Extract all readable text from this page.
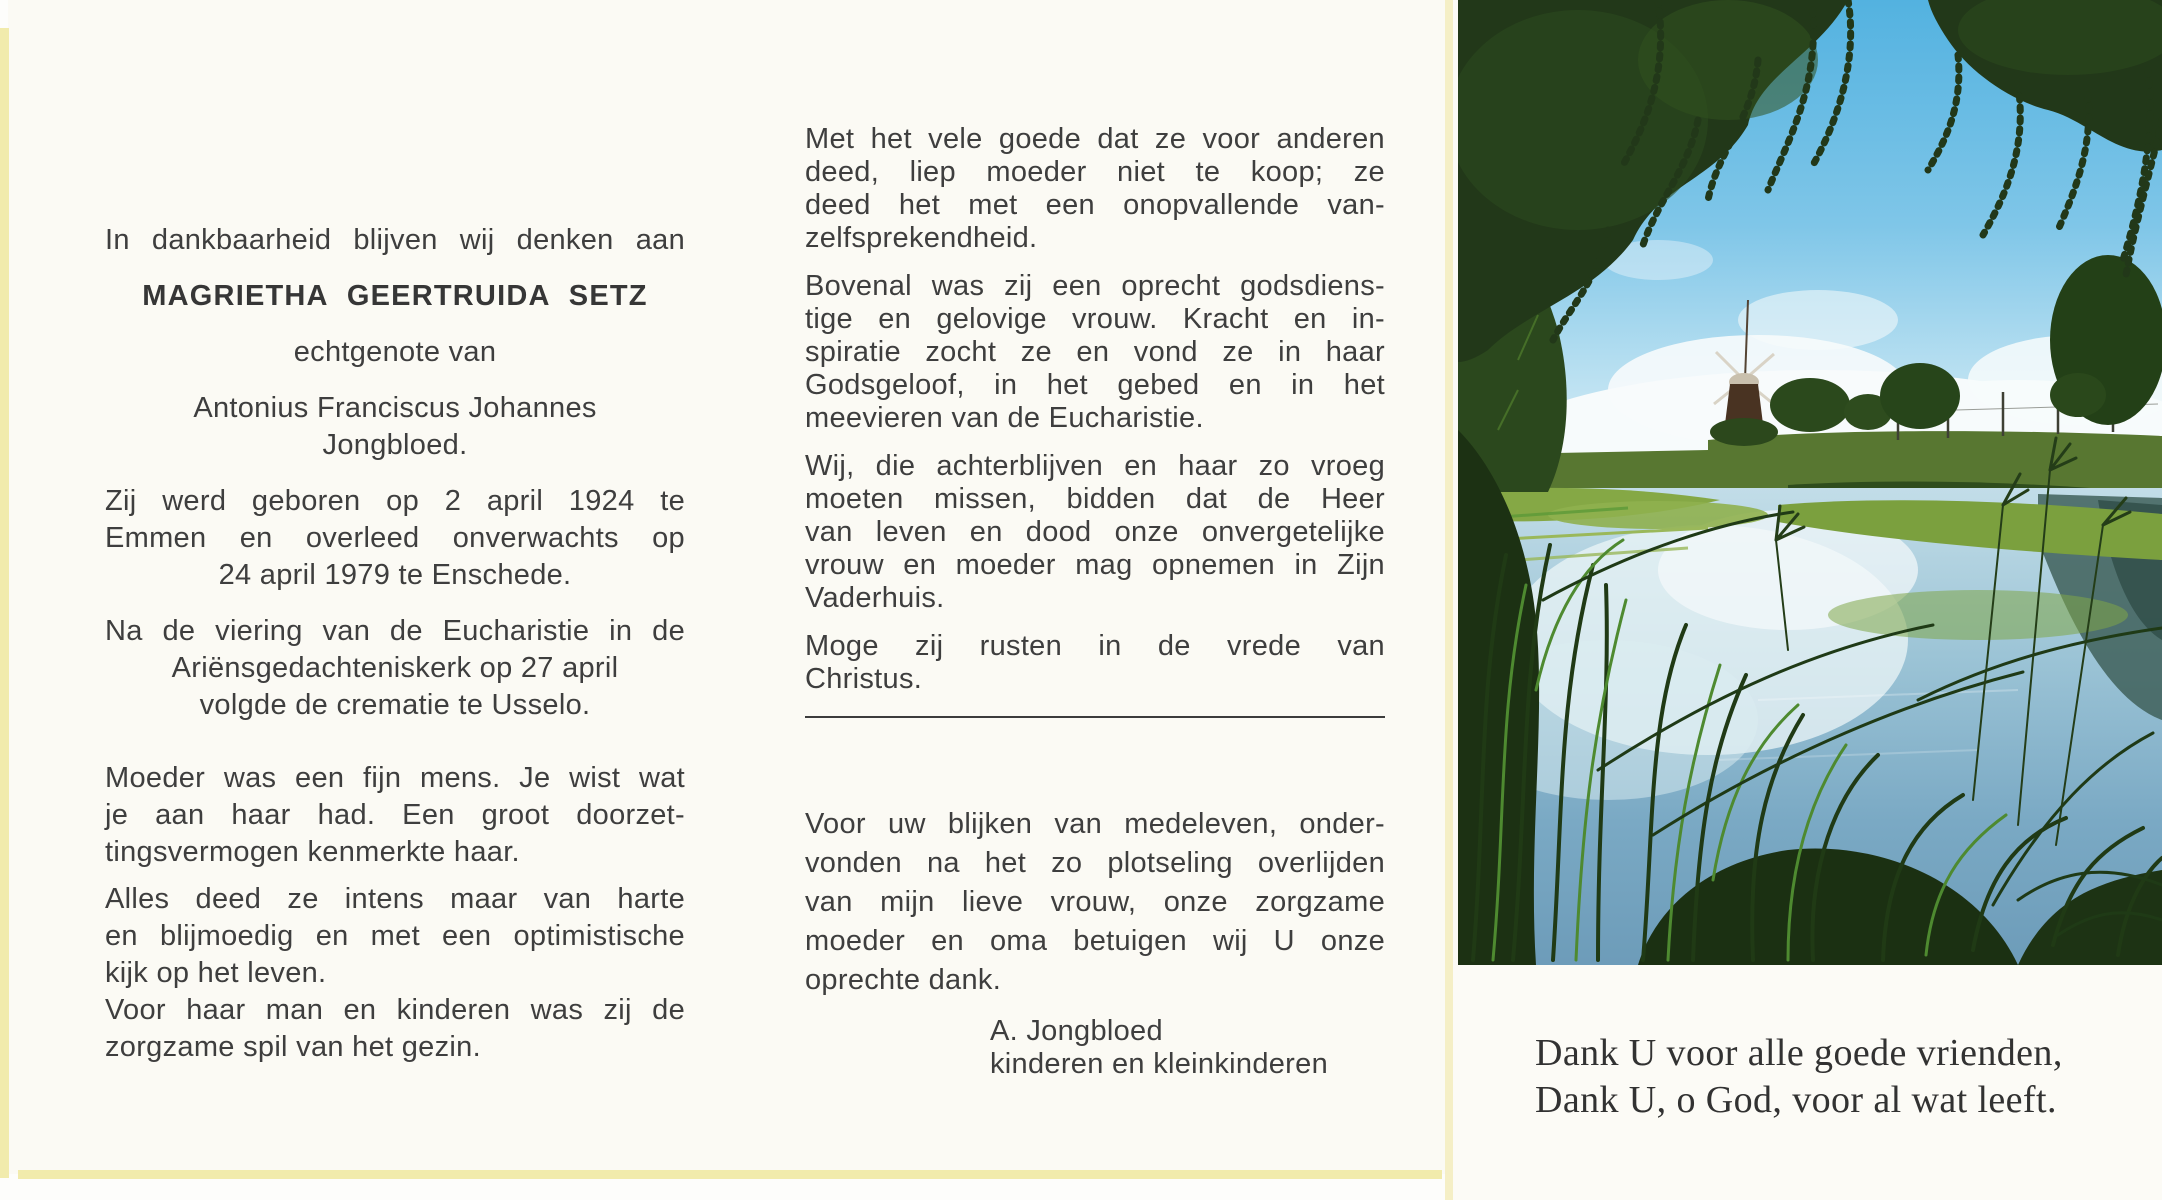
In dankbaarheid blijven wij denken aan
MAGRIETHA GEERTRUIDA SETZ
echtgenote van
Antonius Franciscus Johannes
Jongbloed.
Zij werd geboren op 2 april 1924 te
Emmen en overleed onverwachts op
24 april 1979 te Enschede.
Na de viering van de Eucharistie in de
Ariënsgedachteniskerk op 27 april
volgde de crematie te Usselo.
Moeder was een fijn mens. Je wist wat
je aan haar had. Een groot doorzet-
tingsvermogen kenmerkte haar.
Alles deed ze intens maar van harte
en blijmoedig en met een optimistische
kijk op het leven.
Voor haar man en kinderen was zij de
zorgzame spil van het gezin.
Met het vele goede dat ze voor anderen
deed, liep moeder niet te koop; ze
deed het met een onopvallende van-
zelfsprekendheid.
Bovenal was zij een oprecht godsdiens-
tige en gelovige vrouw. Kracht en in-
spiratie zocht ze en vond ze in haar
Godsgeloof, in het gebed en in het
meevieren van de Eucharistie.
Wij, die achterblijven en haar zo vroeg
moeten missen, bidden dat de Heer
van leven en dood onze onvergetelijke
vrouw en moeder mag opnemen in Zijn
Vaderhuis.
Moge zij rusten in de vrede van
Christus.
Voor uw blijken van medeleven, onder-
vonden na het zo plotseling overlijden
van mijn lieve vrouw, onze zorgzame
moeder en oma betuigen wij U onze
oprechte dank.
A. Jongbloed
kinderen en kleinkinderen	Dank U voor alle goede vrienden,
Dank U, o God, voor al wat leeft.
